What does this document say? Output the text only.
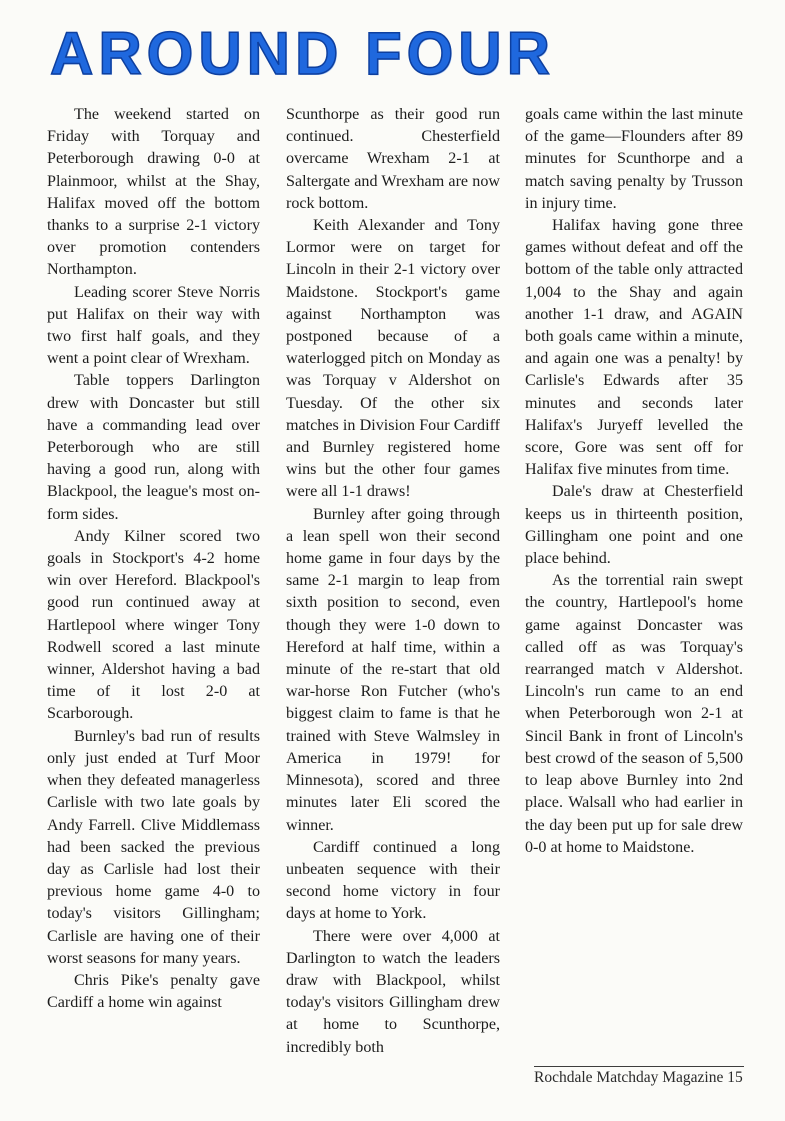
AROUND FOUR

The weekend started on Friday with Torquay and Peterborough drawing 0-0 at Plainmoor, whilst at the Shay, Halifax moved off the bottom thanks to a surprise 2-1 victory over promotion contenders Northampton.

Leading scorer Steve Norris put Halifax on their way with two first half goals, and they went a point clear of Wrexham.

Table toppers Darlington drew with Doncaster but still have a commanding lead over Peterborough who are still having a good run, along with Blackpool, the league's most on-form sides.

Andy Kilner scored two goals in Stockport's 4-2 home win over Hereford. Blackpool's good run continued away at Hartlepool where winger Tony Rodwell scored a last minute winner, Aldershot having a bad time of it lost 2-0 at Scarborough.

Burnley's bad run of results only just ended at Turf Moor when they defeated managerless Carlisle with two late goals by Andy Farrell. Clive Middlemass had been sacked the previous day as Carlisle had lost their previous home game 4-0 to today's visitors Gillingham; Carlisle are having one of their worst seasons for many years.

Chris Pike's penalty gave Cardiff a home win against

Scunthorpe as their good run continued. Chesterfield overcame Wrexham 2-1 at Saltergate and Wrexham are now rock bottom.

Keith Alexander and Tony Lormor were on target for Lincoln in their 2-1 victory over Maidstone. Stockport's game against Northampton was postponed because of a waterlogged pitch on Monday as was Torquay v Aldershot on Tuesday. Of the other six matches in Division Four Cardiff and Burnley registered home wins but the other four games were all 1-1 draws!

Burnley after going through a lean spell won their second home game in four days by the same 2-1 margin to leap from sixth position to second, even though they were 1-0 down to Hereford at half time, within a minute of the re-start that old war-horse Ron Futcher (who's biggest claim to fame is that he trained with Steve Walmsley in America in 1979! for Minnesota), scored and three minutes later Eli scored the winner.

Cardiff continued a long unbeaten sequence with their second home victory in four days at home to York.

There were over 4,000 at Darlington to watch the leaders draw with Blackpool, whilst today's visitors Gillingham drew at home to Scunthorpe, incredibly both

goals came within the last minute of the game—Flounders after 89 minutes for Scunthorpe and a match saving penalty by Trusson in injury time.

Halifax having gone three games without defeat and off the bottom of the table only attracted 1,004 to the Shay and again another 1-1 draw, and AGAIN both goals came within a minute, and again one was a penalty! by Carlisle's Edwards after 35 minutes and seconds later Halifax's Juryeff levelled the score, Gore was sent off for Halifax five minutes from time.

Dale's draw at Chesterfield keeps us in thirteenth position, Gillingham one point and one place behind.

As the torrential rain swept the country, Hartlepool's home game against Doncaster was called off as was Torquay's rearranged match v Aldershot. Lincoln's run came to an end when Peterborough won 2-1 at Sincil Bank in front of Lincoln's best crowd of the season of 5,500 to leap above Burnley into 2nd place. Walsall who had earlier in the day been put up for sale drew 0-0 at home to Maidstone.

Rochdale Matchday Magazine 15
